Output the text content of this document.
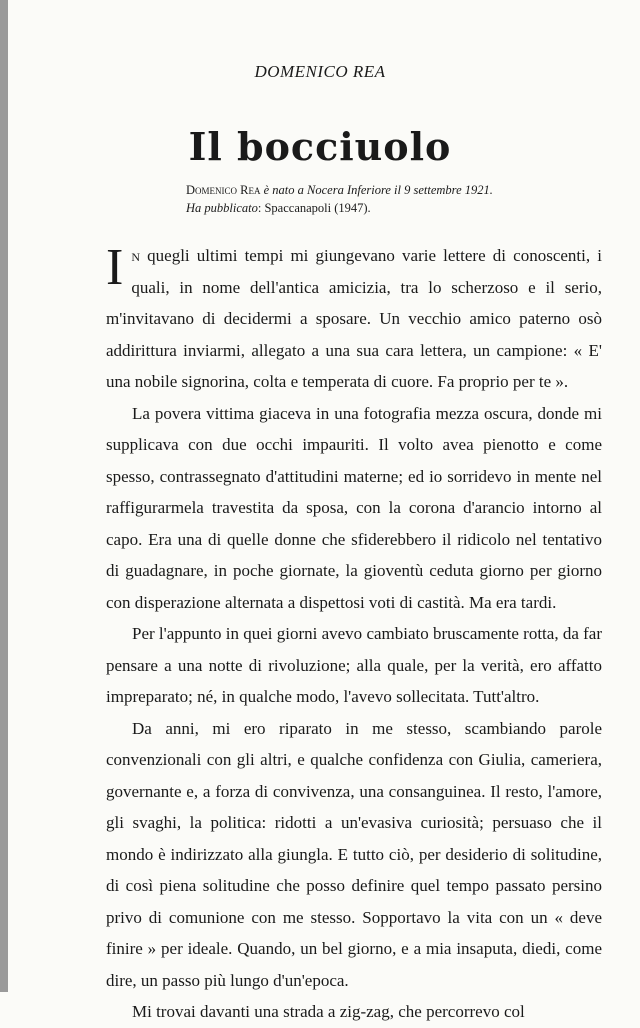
DOMENICO REA
Il bocciuolo
Domenico Rea è nato a Nocera Inferiore il 9 settembre 1921.
Ha pubblicato: Spaccanapoli (1947).

In quegli ultimi tempi mi giungevano varie lettere di conoscenti, i quali, in nome dell'antica amicizia, tra lo scherzoso e il serio, m'invitavano di decidermi a sposare. Un vecchio amico paterno osò addirittura inviarmi, allegato a una sua cara lettera, un campione: « E' una nobile signorina, colta e temperata di cuore. Fa proprio per te ».

La povera vittima giaceva in una fotografia mezza oscura, donde mi supplicava con due occhi impauriti. Il volto avea pienotto e come spesso, contrassegnato d'attitudini materne; ed io sorridevo in mente nel raffigurarmela travestita da sposa, con la corona d'arancio intorno al capo. Era una di quelle donne che sfiderebbero il ridicolo nel tentativo di guadagnare, in poche giornate, la gioventù ceduta giorno per giorno con disperazione alternata a dispettosi voti di castità. Ma era tardi.

Per l'appunto in quei giorni avevo cambiato bruscamente rotta, da far pensare a una notte di rivoluzione; alla quale, per la verità, ero affatto impreparato; né, in qualche modo, l'avevo sollecitata. Tutt'altro.

Da anni, mi ero riparato in me stesso, scambiando parole convenzionali con gli altri, e qualche confidenza con Giulia, cameriera, governante e, a forza di convivenza, una consanguinea. Il resto, l'amore, gli svaghi, la politica: ridotti a un'evasiva curiosità; persuaso che il mondo è indirizzato alla giungla. E tutto ciò, per desiderio di solitudine, di così piena solitudine che posso definire quel tempo passato persino privo di comunione con me stesso. Sopportavo la vita con un « deve finire » per ideale. Quando, un bel giorno, e a mia insaputa, diedi, come dire, un passo più lungo d'un'epoca.

Mi trovai davanti una strada a zig-zag, che percorrevo col
